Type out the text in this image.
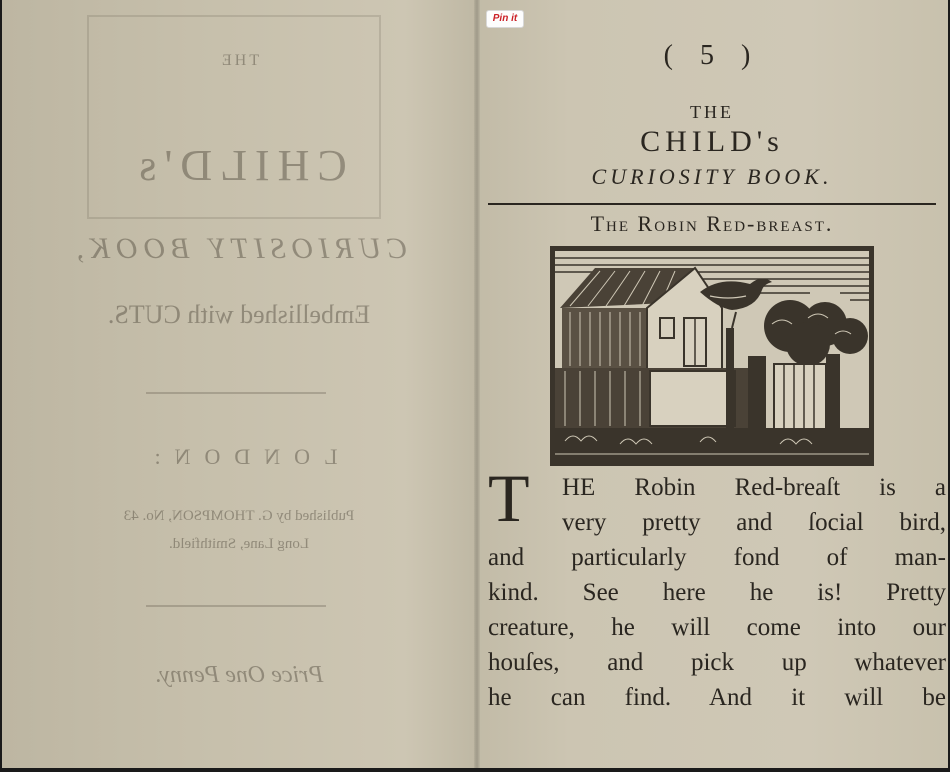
THE
CHILD's
CURIOSITY BOOK,
Embellished with CUTS.
LONDON:
Published by G. THOMPSON, No. 43
Long Lane, Smithfield.
Price One Penny.
( 5 )
THE
CHILD's
CURIOSITY BOOK.
The Robin Red-breast.
T	HE Robin Red-breaſt is a
very pretty and ſocial bird,
and particularly fond of man-
kind. See here he is! Pretty
creature, he will come into our
houſes, and pick up whatever
he can find. And it will be
Pin it
